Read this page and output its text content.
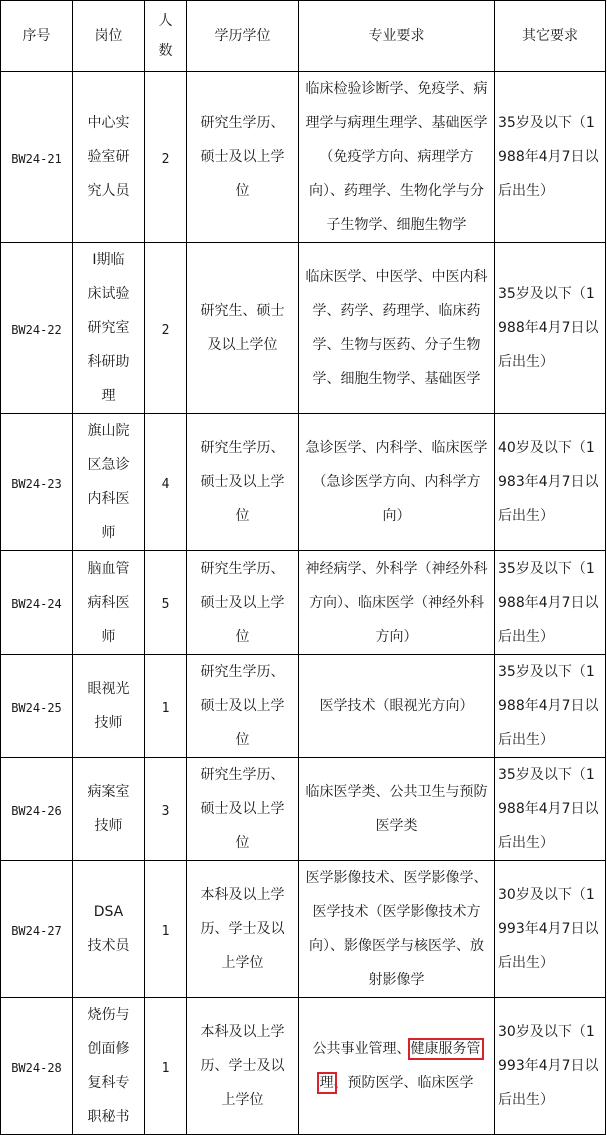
序号	岗位	人数	学历学位	专业要求	其它要求
BW24-21	中心实验室研究人员	2	研究生学历、硕士及以上学位	临床检验诊断学、免疫学、病理学与病理生理学、基础医学（免疫学方向、病理学方向）、药理学、生物化学与分子生物学、细胞生物学	35岁及以下（1988年4月7日以后出生）

BW24-22	I期临床试验研究室科研助理	2	研究生、硕士及以上学位	临床医学、中医学、中医内科学、药学、药理学、临床药学、生物与医药、分子生物学、细胞生物学、基础医学	35岁及以下（1988年4月7日以后出生）

BW24-23	旗山院区急诊内科医师	4	研究生学历、硕士及以上学位	急诊医学、内科学、临床医学（急诊医学方向、内科学方向）	40岁及以下（1983年4月7日以后出生）

BW24-24	脑血管病科医师	5	研究生学历、硕士及以上学位	神经病学、外科学（神经外科方向）、临床医学（神经外科方向）	35岁及以下（1988年4月7日以后出生）

BW24-25	眼视光技师	1	研究生学历、硕士及以上学位	医学技术（眼视光方向）	35岁及以下（1988年4月7日以后出生）

BW24-26	病案室技师	3	研究生学历、硕士及以上学位	临床医学类、公共卫生与预防医学类	35岁及以下（1988年4月7日以后出生）

BW24-27	DSA技术员	1	本科及以上学历、学士及以上学位	医学影像技术、医学影像学、医学技术（医学影像技术方向）、影像医学与核医学、放射影像学	30岁及以下（1993年4月7日以后出生）

BW24-28	烧伤与创面修复科专职秘书	1	本科及以上学历、学士及以上学位	公共事业管理、健康服务管理、预防医学、临床医学	30岁及以下（1993年4月7日以后出生）
